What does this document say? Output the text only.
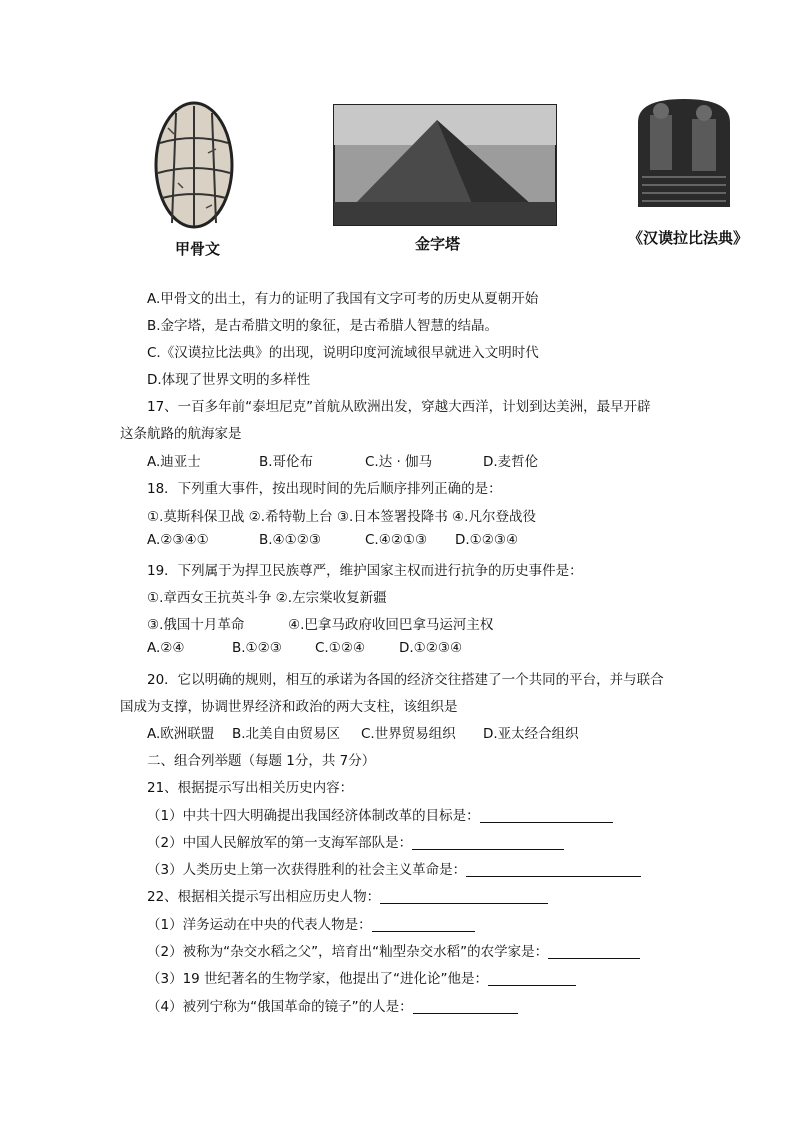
甲骨文	金字塔	《汉谟拉比法典》
A.甲骨文的出土，有力的证明了我国有文字可考的历史从夏朝开始
B.金字塔，是古希腊文明的象征，是古希腊人智慧的结晶。
C.《汉谟拉比法典》的出现，说明印度河流域很早就进入文明时代
D.体现了世界文明的多样性
17、一百多年前“泰坦尼克”首航从欧洲出发，穿越大西洋，计划到达美洲，最早开辟
这条航路的航海家是
A.迪亚士	B.哥伦布	C.达 · 伽马	D.麦哲伦
18．下列重大事件，按出现时间的先后顺序排列正确的是：
①.莫斯科保卫战 ②.希特勒上台 ③.日本签署投降书 ④.凡尔登战役
A.②③④①	B.④①②③	C.④②①③ D.①②③④
19．下列属于为捍卫民族尊严，维护国家主权而进行抗争的历史事件是：
①.章西女王抗英斗争 ②.左宗棠收复新疆
③.俄国十月革命	④.巴拿马政府收回巴拿马运河主权
A.②④	B.①②③ C.①②④	D.①②③④
20．它以明确的规则，相互的承诺为各国的经济交往搭建了一个共同的平台，并与联合
国成为支撑，协调世界经济和政治的两大支柱，该组织是
A.欧洲联盟 B.北美自由贸易区 C.世界贸易组织 D.亚太经合组织
二、组合列举题（每题 1分，共 7分）
21、根据提示写出相关历史内容：
（1）中共十四大明确提出我国经济体制改革的目标是：
（2）中国人民解放军的第一支海军部队是：
（3）人类历史上第一次获得胜利的社会主义革命是：
22、根据相关提示写出相应历史人物：
（1）洋务运动在中央的代表人物是：
（2）被称为“杂交水稻之父”，培育出“籼型杂交水稻”的农学家是：
（3）19 世纪著名的生物学家，他提出了“进化论”他是：
（4）被列宁称为“俄国革命的镜子”的人是：
